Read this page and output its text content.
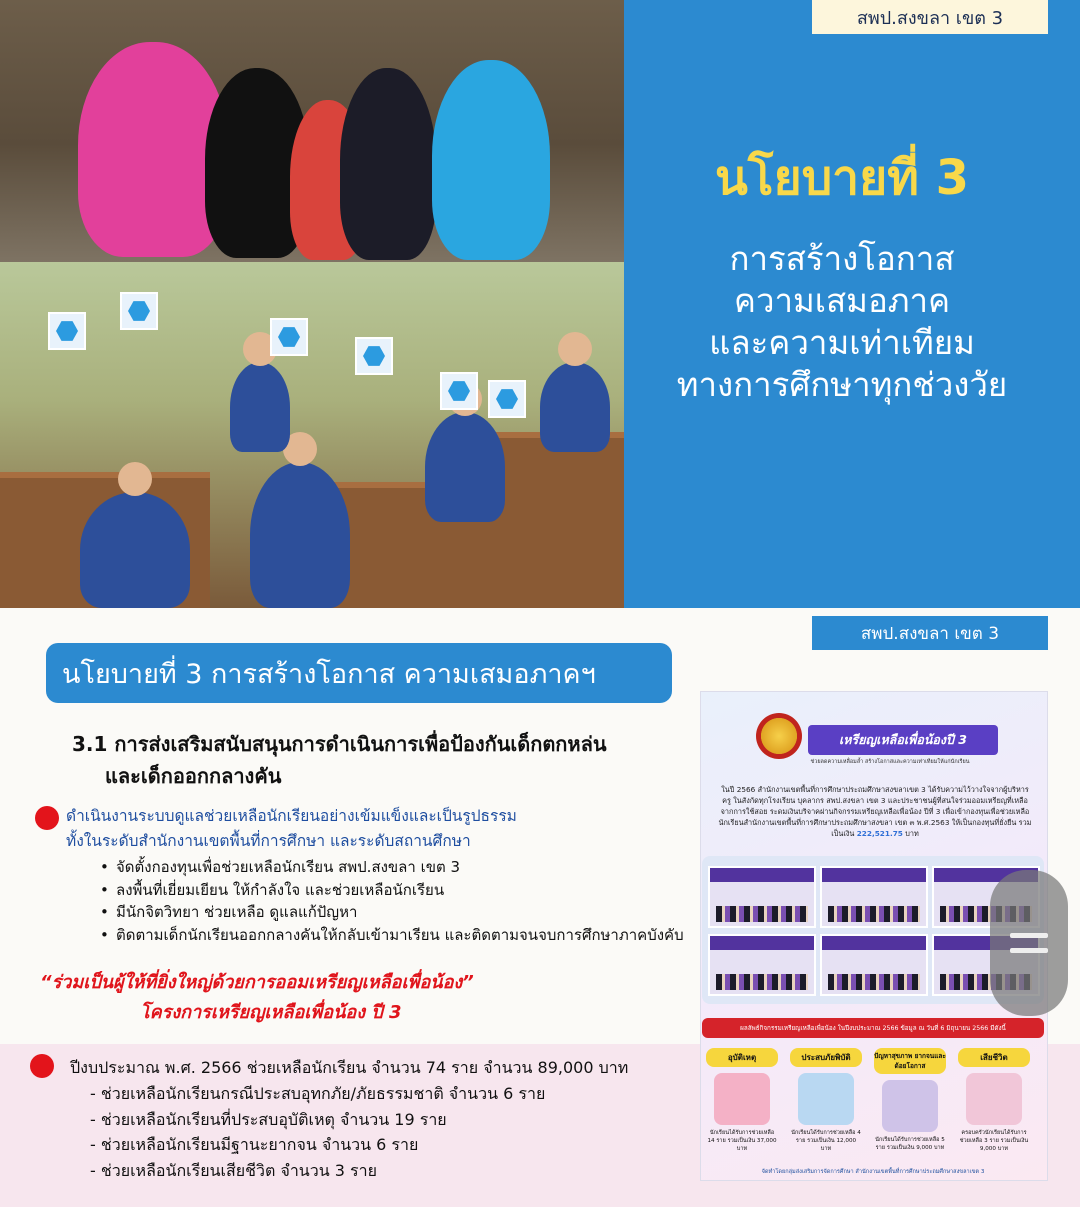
สพป.สงขลา เขต 3
นโยบายที่ 3
การสร้างโอกาส
ความเสมอภาค
และความเท่าเทียม
ทางการศึกษาทุกช่วงวัย
สพป.สงขลา เขต 3
นโยบายที่ 3 การสร้างโอกาส ความเสมอภาคฯ
3.1 การส่งเสริมสนับสนุนการดำเนินการเพื่อป้องกันเด็กตกหล่น
และเด็กออกกลางคัน
ดำเนินงานระบบดูแลช่วยเหลือนักเรียนอย่างเข้มแข็งและเป็นรูปธรรม
ทั้งในระดับสำนักงานเขตพื้นที่การศึกษา และระดับสถานศึกษา
• จัดตั้งกองทุนเพื่อช่วยเหลือนักเรียน สพป.สงขลา เขต 3
• ลงพื้นที่เยี่ยมเยียน ให้กำลังใจ และช่วยเหลือนักเรียน
• มีนักจิตวิทยา ช่วยเหลือ ดูแลแก้ปัญหา
• ติดตามเด็กนักเรียนออกกลางคันให้กลับเข้ามาเรียน และติดตามจนจบการศึกษาภาคบังคับ
“ร่วมเป็นผู้ให้ที่ยิ่งใหญ่ด้วยการออมเหรียญเหลือเพื่อน้อง”
โครงการเหรียญเหลือเพื่อน้อง ปี 3
ปีงบประมาณ พ.ศ. 2566 ช่วยเหลือนักเรียน จำนวน 74 ราย จำนวน 89,000 บาท
- ช่วยเหลือนักเรียนกรณีประสบอุทกภัย/ภัยธรรมชาติ จำนวน 6 ราย
- ช่วยเหลือนักเรียนที่ประสบอุบัติเหตุ จำนวน 19 ราย
- ช่วยเหลือนักเรียนมีฐานะยากจน จำนวน 6 ราย
- ช่วยเหลือนักเรียนเสียชีวิต จำนวน 3 ราย
เหรียญเหลือเพื่อน้องปี 3
ช่วยลดความเหลื่อมล้ำ สร้างโอกาสและความเท่าเทียมให้แก่นักเรียน
ในปี 2566 สำนักงานเขตพื้นที่การศึกษาประถมศึกษาสงขลาเขต 3 ได้รับความไว้วางใจจากผู้บริหาร ครู ในสังกัดทุกโรงเรียน บุคลากร สพป.สงขลา เขต 3 และประชาชนผู้ที่สนใจร่วมออมเหรียญที่เหลือจากการใช้สอย ระดมเงินบริจาคผ่านกิจกรรมเหรียญเหลือเพื่อน้อง ปีที่ 3 เพื่อเข้ากองทุนเพื่อช่วยเหลือนักเรียนสำนักงานเขตพื้นที่การศึกษาประถมศึกษาสงขลา เขต ๓ พ.ศ.2563 ให้เป็นกองทุนที่ยั่งยืน รวมเป็นเงิน 222,521.75 บาท
ผลลัพธ์กิจกรรมเหรียญเหลือเพื่อน้อง ในปีงบประมาณ 2566 ข้อมูล ณ วันที่ 6 มิถุนายน 2566 มีดังนี้
อุบัติเหตุ
นักเรียนได้รับการช่วยเหลือ 14 ราย รวมเป็นเงิน 37,000 บาท
ประสบภัยพิบัติ
นักเรียนได้รับการช่วยเหลือ 4 ราย รวมเป็นเงิน 12,000 บาท
ปัญหาสุขภาพ ยากจนและด้อยโอกาส
นักเรียนได้รับการช่วยเหลือ 5 ราย รวมเป็นเงิน 9,000 บาท
เสียชีวิต
ครอบครัวนักเรียนได้รับการช่วยเหลือ 3 ราย รวมเป็นเงิน 9,000 บาท
จัดทำโดยกลุ่มส่งเสริมการจัดการศึกษา สำนักงานเขตพื้นที่การศึกษาประถมศึกษาสงขลาเขต 3
